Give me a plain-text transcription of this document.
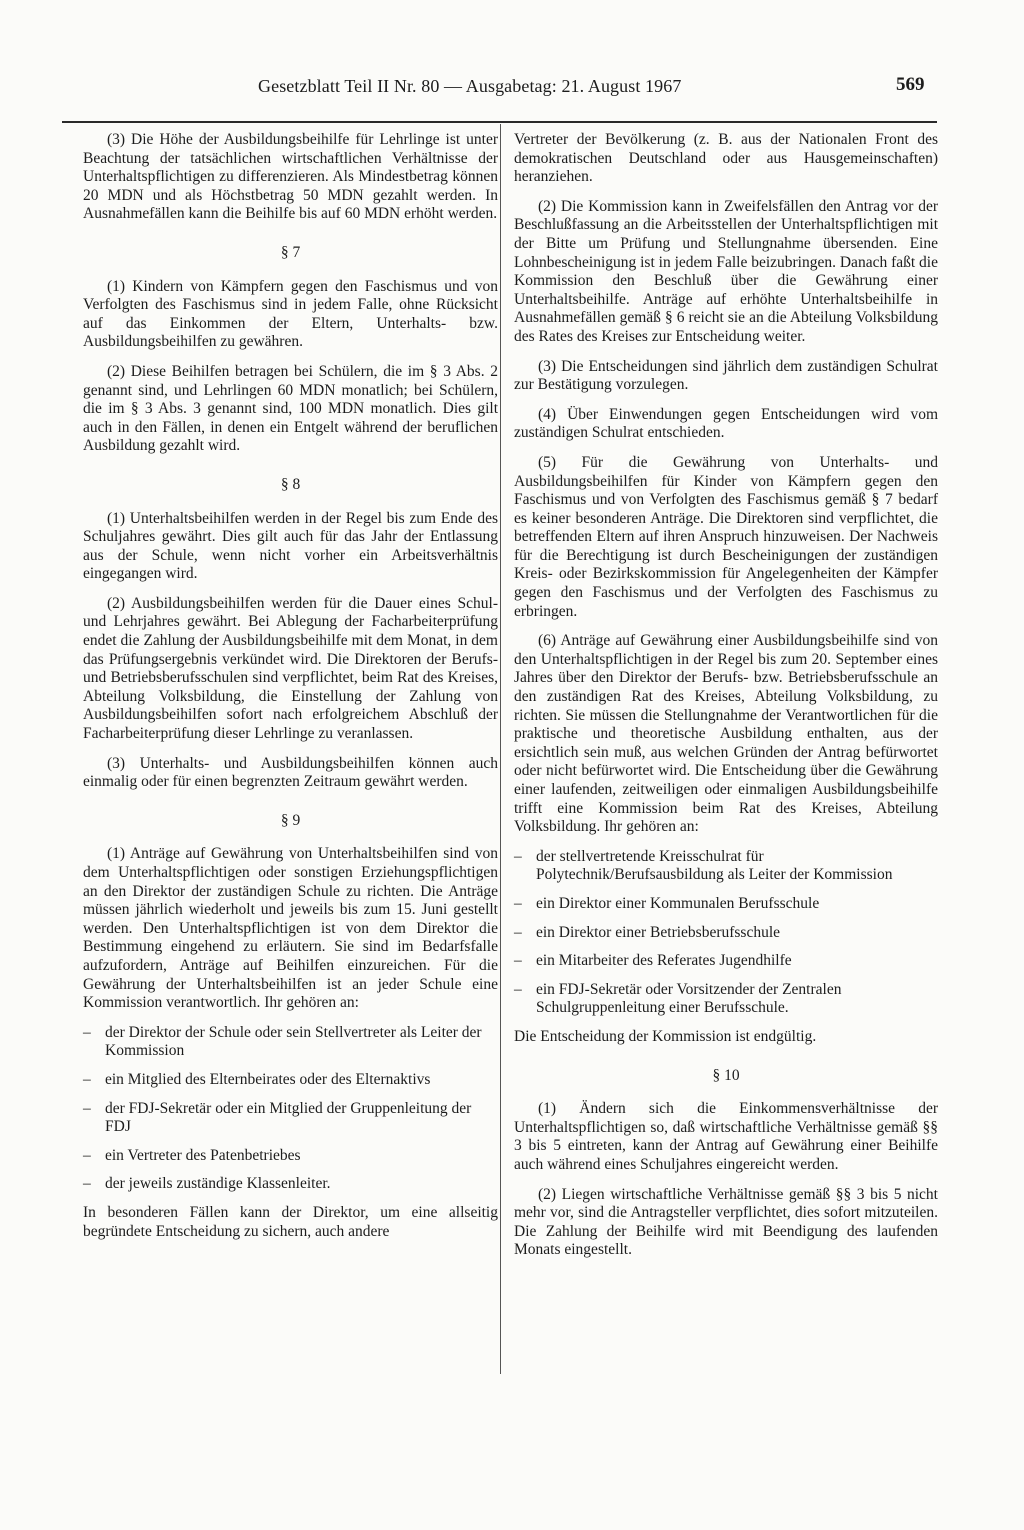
Gesetzblatt Teil II Nr. 80 — Ausgabetag: 21. August 1967	569

(3) Die Höhe der Ausbildungsbeihilfe für Lehrlinge ist unter Beachtung der tatsächlichen wirtschaftlichen Verhältnisse der Unterhaltspflichtigen zu differenzieren. Als Mindestbetrag können 20 MDN und als Höchstbetrag 50 MDN gezahlt werden. In Ausnahmefällen kann die Beihilfe bis auf 60 MDN erhöht werden.

§ 7

(1) Kindern von Kämpfern gegen den Faschismus und von Verfolgten des Faschismus sind in jedem Falle, ohne Rücksicht auf das Einkommen der Eltern, Unterhalts- bzw. Ausbildungsbeihilfen zu gewähren.

(2) Diese Beihilfen betragen bei Schülern, die im § 3 Abs. 2 genannt sind, und Lehrlingen 60 MDN monatlich; bei Schülern, die im § 3 Abs. 3 genannt sind, 100 MDN monatlich. Dies gilt auch in den Fällen, in denen ein Entgelt während der beruflichen Ausbildung gezahlt wird.

§ 8

(1) Unterhaltsbeihilfen werden in der Regel bis zum Ende des Schuljahres gewährt. Dies gilt auch für das Jahr der Entlassung aus der Schule, wenn nicht vorher ein Arbeitsverhältnis eingegangen wird.

(2) Ausbildungsbeihilfen werden für die Dauer eines Schul- und Lehrjahres gewährt. Bei Ablegung der Facharbeiterprüfung endet die Zahlung der Ausbildungsbeihilfe mit dem Monat, in dem das Prüfungsergebnis verkündet wird. Die Direktoren der Berufs- und Betriebsberufsschulen sind verpflichtet, beim Rat des Kreises, Abteilung Volksbildung, die Einstellung der Zahlung von Ausbildungsbeihilfen sofort nach erfolgreichem Abschluß der Facharbeiterprüfung dieser Lehrlinge zu veranlassen.

(3) Unterhalts- und Ausbildungsbeihilfen können auch einmalig oder für einen begrenzten Zeitraum gewährt werden.

§ 9

(1) Anträge auf Gewährung von Unterhaltsbeihilfen sind von dem Unterhaltspflichtigen oder sonstigen Erziehungspflichtigen an den Direktor der zuständigen Schule zu richten. Die Anträge müssen jährlich wiederholt und jeweils bis zum 15. Juni gestellt werden. Den Unterhaltspflichtigen ist von dem Direktor die Bestimmung eingehend zu erläutern. Sie sind im Bedarfsfalle aufzufordern, Anträge auf Beihilfen einzureichen. Für die Gewährung der Unterhaltsbeihilfen ist an jeder Schule eine Kommission verantwortlich. Ihr gehören an:

– der Direktor der Schule oder sein Stellvertreter als Leiter der Kommission
– ein Mitglied des Elternbeirates oder des Elternaktivs
– der FDJ-Sekretär oder ein Mitglied der Gruppenleitung der FDJ
– ein Vertreter des Patenbetriebes
– der jeweils zuständige Klassenleiter.

In besonderen Fällen kann der Direktor, um eine allseitig begründete Entscheidung zu sichern, auch andere

Vertreter der Bevölkerung (z. B. aus der Nationalen Front des demokratischen Deutschland oder aus Hausgemeinschaften) heranziehen.

(2) Die Kommission kann in Zweifelsfällen den Antrag vor der Beschlußfassung an die Arbeitsstellen der Unterhaltspflichtigen mit der Bitte um Prüfung und Stellungnahme übersenden. Eine Lohnbescheinigung ist in jedem Falle beizubringen. Danach faßt die Kommission den Beschluß über die Gewährung einer Unterhaltsbeihilfe. Anträge auf erhöhte Unterhaltsbeihilfe in Ausnahmefällen gemäß § 6 reicht sie an die Abteilung Volksbildung des Rates des Kreises zur Entscheidung weiter.

(3) Die Entscheidungen sind jährlich dem zuständigen Schulrat zur Bestätigung vorzulegen.

(4) Über Einwendungen gegen Entscheidungen wird vom zuständigen Schulrat entschieden.

(5) Für die Gewährung von Unterhalts- und Ausbildungsbeihilfen für Kinder von Kämpfern gegen den Faschismus und von Verfolgten des Faschismus gemäß § 7 bedarf es keiner besonderen Anträge. Die Direktoren sind verpflichtet, die betreffenden Eltern auf ihren Anspruch hinzuweisen. Der Nachweis für die Berechtigung ist durch Bescheinigungen der zuständigen Kreis- oder Bezirkskommission für Angelegenheiten der Kämpfer gegen den Faschismus und der Verfolgten des Faschismus zu erbringen.

(6) Anträge auf Gewährung einer Ausbildungsbeihilfe sind von den Unterhaltspflichtigen in der Regel bis zum 20. September eines Jahres über den Direktor der Berufs- bzw. Betriebsberufsschule an den zuständigen Rat des Kreises, Abteilung Volksbildung, zu richten. Sie müssen die Stellungnahme der Verantwortlichen für die praktische und theoretische Ausbildung enthalten, aus der ersichtlich sein muß, aus welchen Gründen der Antrag befürwortet oder nicht befürwortet wird. Die Entscheidung über die Gewährung einer laufenden, zeitweiligen oder einmaligen Ausbildungsbeihilfe trifft eine Kommission beim Rat des Kreises, Abteilung Volksbildung. Ihr gehören an:

– der stellvertretende Kreisschulrat für Polytechnik/Berufsausbildung als Leiter der Kommission
– ein Direktor einer Kommunalen Berufsschule
– ein Direktor einer Betriebsberufsschule
– ein Mitarbeiter des Referates Jugendhilfe
– ein FDJ-Sekretär oder Vorsitzender der Zentralen Schulgruppenleitung einer Berufsschule.

Die Entscheidung der Kommission ist endgültig.

§ 10

(1) Ändern sich die Einkommensverhältnisse der Unterhaltspflichtigen so, daß wirtschaftliche Verhältnisse gemäß §§ 3 bis 5 eintreten, kann der Antrag auf Gewährung einer Beihilfe auch während eines Schuljahres eingereicht werden.

(2) Liegen wirtschaftliche Verhältnisse gemäß §§ 3 bis 5 nicht mehr vor, sind die Antragsteller verpflichtet, dies sofort mitzuteilen. Die Zahlung der Beihilfe wird mit Beendigung des laufenden Monats eingestellt.
